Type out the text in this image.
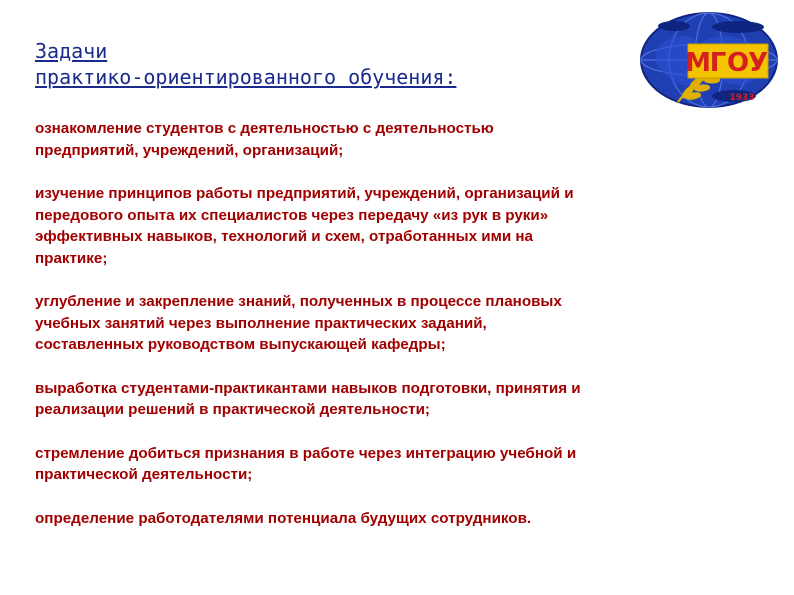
Задачи
практико-ориентированного обучения:	М
Г О
У
1933
ознакомление студентов с деятельностью с деятельностью
предприятий, учреждений, организаций;
изучение принципов работы предприятий, учреждений, организаций и
передового опыта их специалистов через передачу «из рук в руки»
эффективных навыков, технологий и схем, отработанных ими на
практике;
углубление и закрепление знаний, полученных в процессе плановых
учебных занятий через выполнение практических заданий,
составленных руководством выпускающей кафедры;
выработка студентами-практикантами навыков подготовки, принятия и
реализации решений в практической деятельности;
стремление добиться признания в работе через интеграцию учебной и
практической деятельности;
определение работодателями потенциала будущих сотрудников.
